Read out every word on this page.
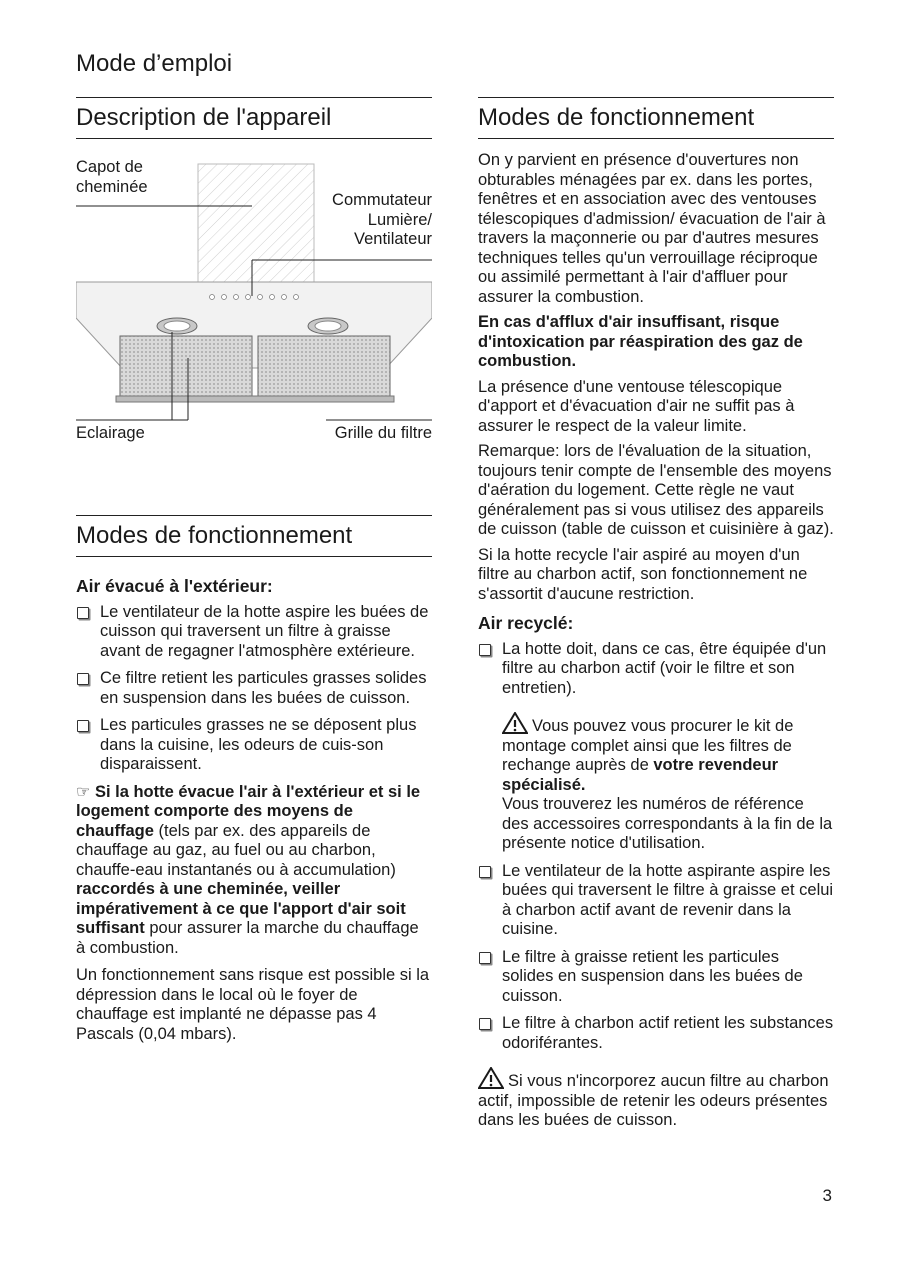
Mode d’emploi
Description de l'appareil
Capot de cheminée
Commutateur Lumière/ Ventilateur
Eclairage	Grille du filtre
Modes de fonctionnement
Air évacué à l'extérieur:
Le ventilateur de la hotte aspire les buées de cuisson qui traversent un filtre à graisse avant de regagner l'atmosphère extérieure.
Ce filtre retient les particules grasses solides en suspension dans les buées de cuisson.
Les particules grasses ne se déposent plus dans la cuisine, les odeurs de cuis-son disparaissent.

☞ Si la hotte évacue l'air à l'extérieur et si le logement comporte des moyens de chauffage (tels par ex. des appareils de chauffage au gaz, au fuel ou au charbon, chauffe-eau instantanés ou à accumulation) raccordés à une cheminée, veiller impérativement à ce que l'apport d'air soit suffisant pour assurer la marche du chauffage à combustion.

Un fonctionnement sans risque est possible si la dépression dans le local où le foyer de chauffage est implanté ne dépasse pas 4 Pascals (0,04 mbars).

Modes de fonctionnement

On y parvient en présence d'ouvertures non obturables ménagées par ex. dans les portes, fenêtres et en association avec des ventouses télescopiques d'admission/ évacuation de l'air à travers la maçonnerie ou par d'autres mesures techniques telles qu'un verrouillage réciproque ou assimilé permettant à l'air d'affluer pour assurer la combustion.

En cas d'afflux d'air insuffisant, risque d'intoxication par réaspiration des gaz de combustion.

La présence d'une ventouse télescopique d'apport et d'évacuation d'air ne suffit pas à assurer le respect de la valeur limite.

Remarque: lors de l'évaluation de la situation, toujours tenir compte de l'ensemble des moyens d'aération du logement. Cette règle ne vaut généralement pas si vous utilisez des appareils de cuisson (table de cuisson et cuisinière à gaz).

Si la hotte recycle l'air aspiré au moyen d'un filtre au charbon actif, son fonctionnement ne s'assortit d'aucune restriction.

Air recyclé:
La hotte doit, dans ce cas, être équipée d'un filtre au charbon actif (voir le filtre et son entretien).
Vous pouvez vous procurer le kit de montage complet ainsi que les filtres de rechange auprès de votre revendeur spécialisé.
Vous trouverez les numéros de référence des accessoires correspondants à la fin de la présente notice d'utilisation.
Le ventilateur de la hotte aspirante aspire les buées qui traversent le filtre à graisse et celui à charbon actif avant de revenir dans la cuisine.
Le filtre à graisse retient les particules solides en suspension dans les buées de cuisson.
Le filtre à charbon actif retient les substances odoriférantes.
Si vous n'incorporez aucun filtre au charbon actif, impossible de retenir les odeurs présentes dans les buées de cuisson.
3
